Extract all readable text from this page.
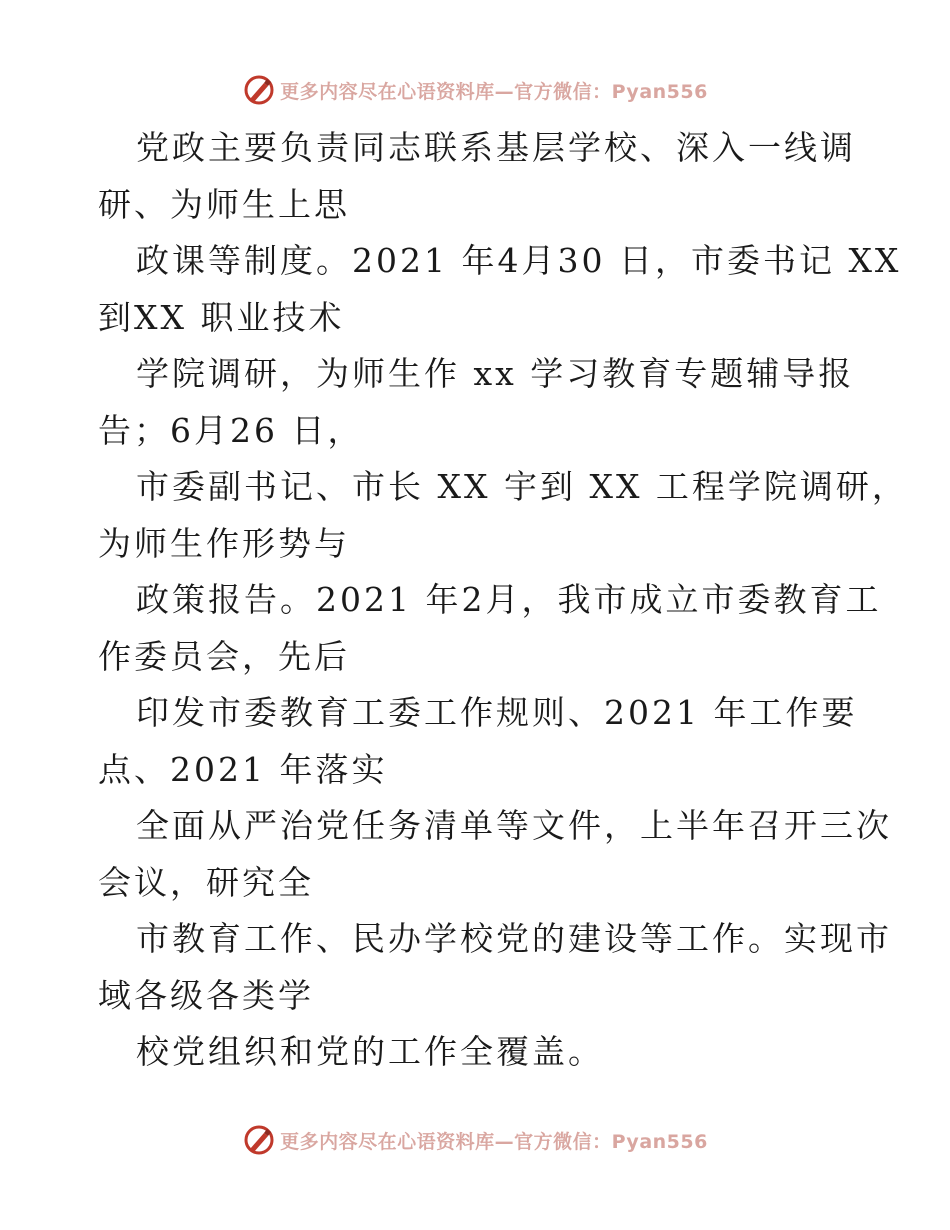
更多内容尽在心语资料库—官方微信：Pyan556
党政主要负责同志联系基层学校、深入一线调
研、为师生上思
政课等制度。2021 年4月30 日，市委书记 XX
到XX 职业技术
学院调研，为师生作 xx 学习教育专题辅导报
告；6月26 日，
市委副书记、市长 XX 宇到 XX 工程学院调研，
为师生作形势与
政策报告。2021 年2月，我市成立市委教育工
作委员会，先后
印发市委教育工委工作规则、2021 年工作要
点、2021 年落实
全面从严治党任务清单等文件，上半年召开三次
会议，研究全
市教育工作、民办学校党的建设等工作。实现市
域各级各类学
校党组织和党的工作全覆盖。
更多内容尽在心语资料库—官方微信：Pyan556
